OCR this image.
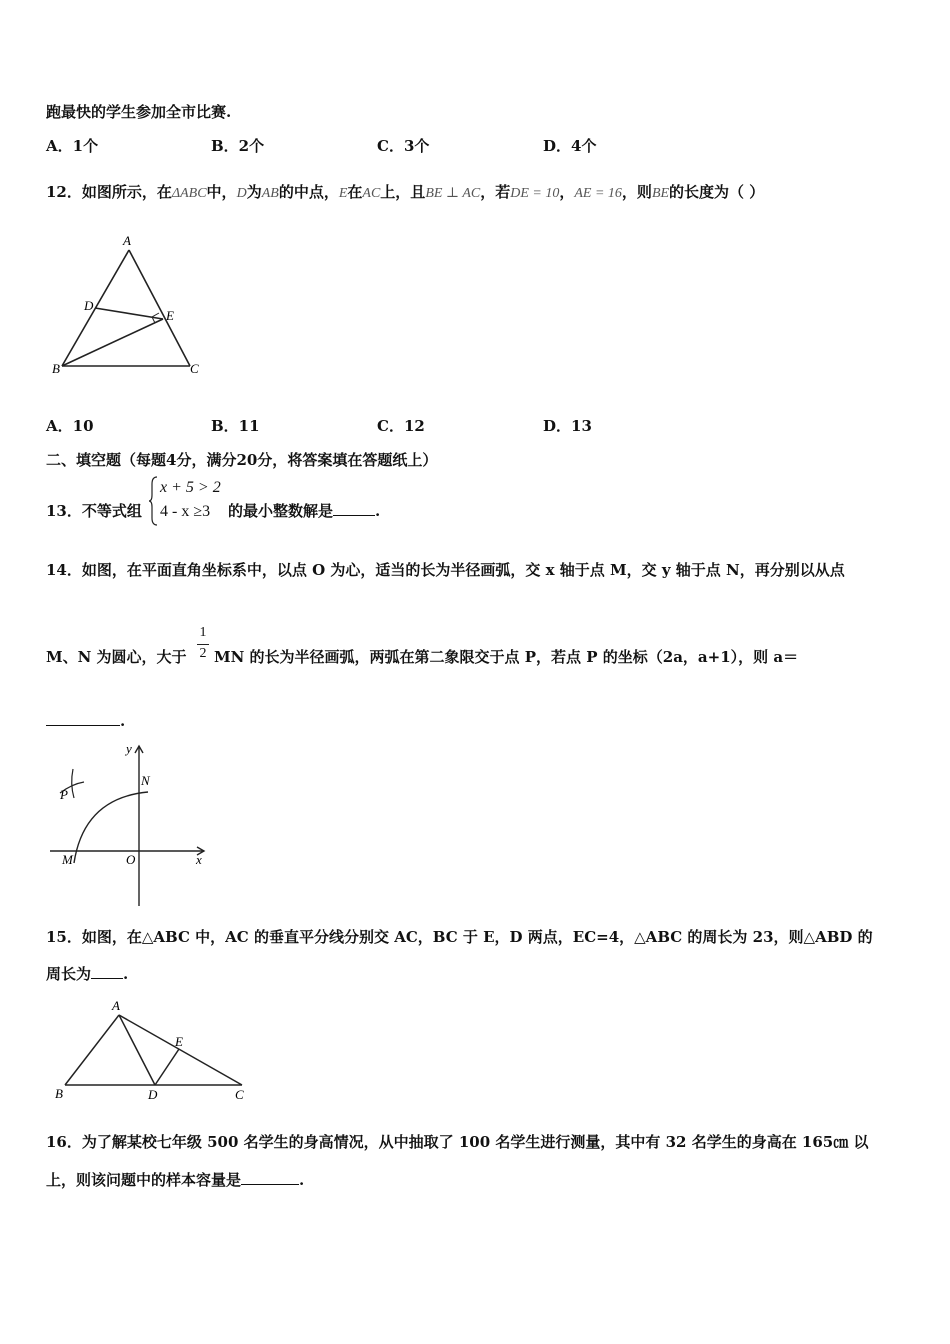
跑最快的学生参加全市比赛.
A．1个	B．2个	C．3个	D．4个
12．如图所示，在ΔABC中，D为AB的中点，E在AC上，且BE ⊥ AC，若DE = 10，AE = 16，则BE的长度为（ ）
A
D
E
B	C
A．10	B．11	C．12	D．13
二、填空题（每题4分，满分20分，将答案填在答题纸上）
13．不等式组
x + 5 > 2
4 - x ≥3	的最小整数解是	.
14．如图，在平面直角坐标系中，以点 O 为心，适当的长为半径画弧，交 x 轴于点 M，交 y 轴于点 N，再分别以从点
M、N 为圆心，大于
1
2 MN 的长为半径画弧，两弧在第二象限交于点 P，若点 P 的坐标（2a，a+1），则 a＝
.
y
N
P
M	O	x
15．如图，在△ABC 中，AC 的垂直平分线分别交 AC，BC 于 E，D 两点，EC=4，△ABC 的周长为 23，则△ABD 的
周长为 .
A
E
B	D	C
16．为了解某校七年级 500 名学生的身高情况，从中抽取了 100 名学生进行测量，其中有 32 名学生的身高在 165㎝ 以
上，则该问题中的样本容量是	.
